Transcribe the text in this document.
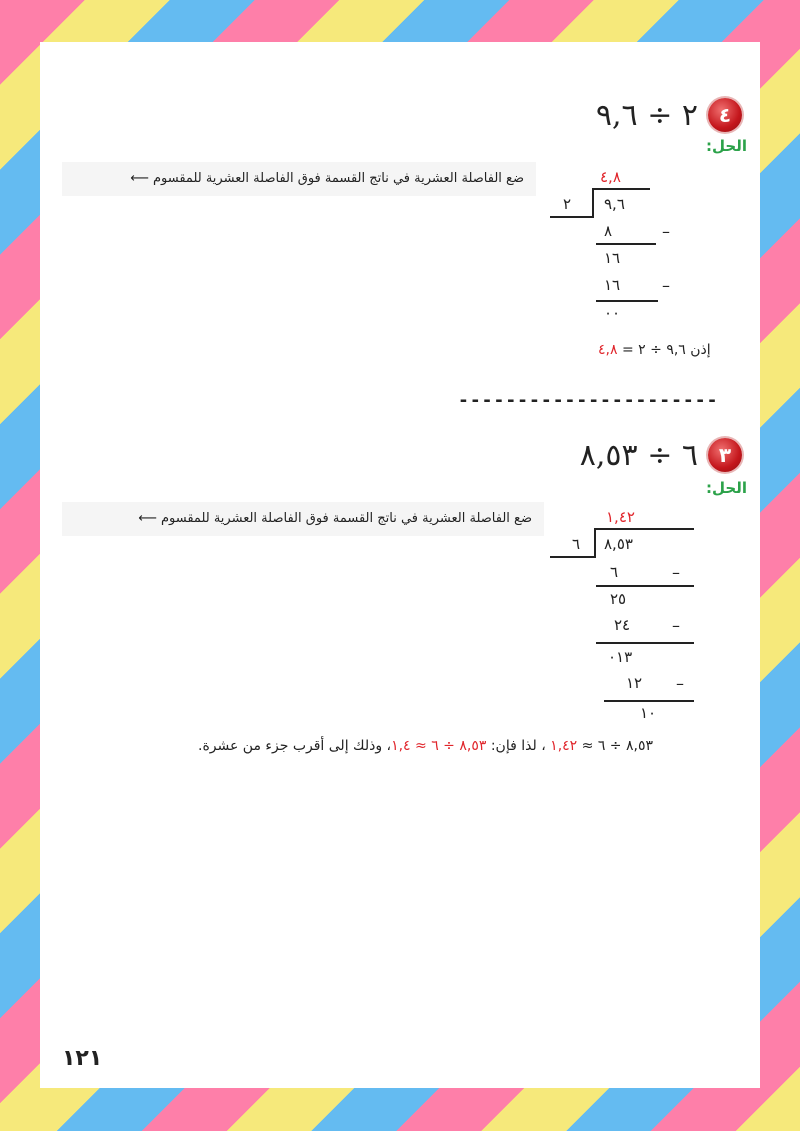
٤
٢ ÷ ٩,٦
الحل:
ضع الفاصلة العشرية في ناتج القسمة فوق الفاصلة العشرية للمقسوم ⟵	٤,٨
٢ ٩,٦
٨	–
١٦
١٦	–
٠٠
إذن ٩,٦ ÷ ٢ = ٤,٨
----------------------
٣
٦ ÷ ٨,٥٣
الحل:
ضع الفاصلة العشرية في ناتج القسمة فوق الفاصلة العشرية للمقسوم ⟵	١,٤٢
٦ ٨,٥٣
٦	–
٢٥
٢٤	–
٠١٣
١٢ –
١٠
٨,٥٣ ÷ ٦ ≈ ١,٤٢ ، لذا فإن: ٨,٥٣ ÷ ٦ ≈ ١,٤، وذلك إلى أقرب جزء من عشرة.
١٢١
